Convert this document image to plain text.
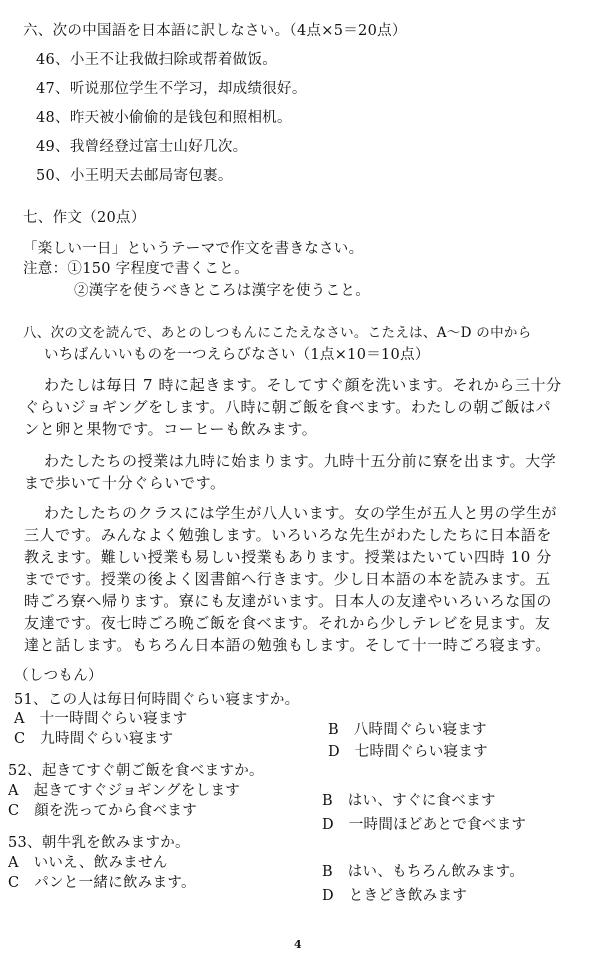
六、次の中国語を日本語に訳しなさい。（4点×5＝20点）
46、小王不让我做扫除或帮着做饭。
47、听说那位学生不学习，却成绩很好。
48、昨天被小偷偷的是钱包和照相机。
49、我曾经登过富士山好几次。
50、小王明天去邮局寄包裹。
七、作文（20点）
「楽しい一日」というテーマで作文を書きなさい。
注意：①150 字程度で書くこと。
②漢字を使うべきところは漢字を使うこと。
八、次の文を読んで、あとのしつもんにこたえなさい。こたえは、A～D の中から
いちばんいいものを一つえらびなさい（1点×10＝10点）
わたしは毎日 7 時に起きます。そしてすぐ顔を洗います。それから三十分
ぐらいジョギングをします。八時に朝ご飯を食べます。わたしの朝ご飯はパ
ンと卵と果物です。コーヒーも飲みます。
わたしたちの授業は九時に始まります。九時十五分前に寮を出ます。大学
まで歩いて十分ぐらいです。
わたしたちのクラスには学生が八人います。女の学生が五人と男の学生が
三人です。みんなよく勉強します。いろいろな先生がわたしたちに日本語を
教えます。難しい授業も易しい授業もあります。授業はたいてい四時 10 分
までです。授業の後よく図書館へ行きます。少し日本語の本を読みます。五
時ごろ寮へ帰ります。寮にも友達がいます。日本人の友達やいろいろな国の
友達です。夜七時ごろ晩ご飯を食べます。それから少しテレビを見ます。友
達と話します。もちろん日本語の勉強もします。そして十一時ごろ寝ます。
（しつもん）
51、この人は毎日何時間ぐらい寝ますか。
A　十一時間ぐらい寝ます
B　八時間ぐらい寝ます
C　九時間ぐらい寝ます
D　七時間ぐらい寝ます
52、起きてすぐ朝ご飯を食べますか。
A　起きてすぐジョギングをします
B　はい、すぐに食べます
C　顔を洗ってから食べます
D　一時間ほどあとで食べます
53、朝牛乳を飲みますか。
A　いいえ、飲みません
B　はい、もちろん飲みます。
C　パンと一緒に飲みます。
D　ときどき飲みます
4
